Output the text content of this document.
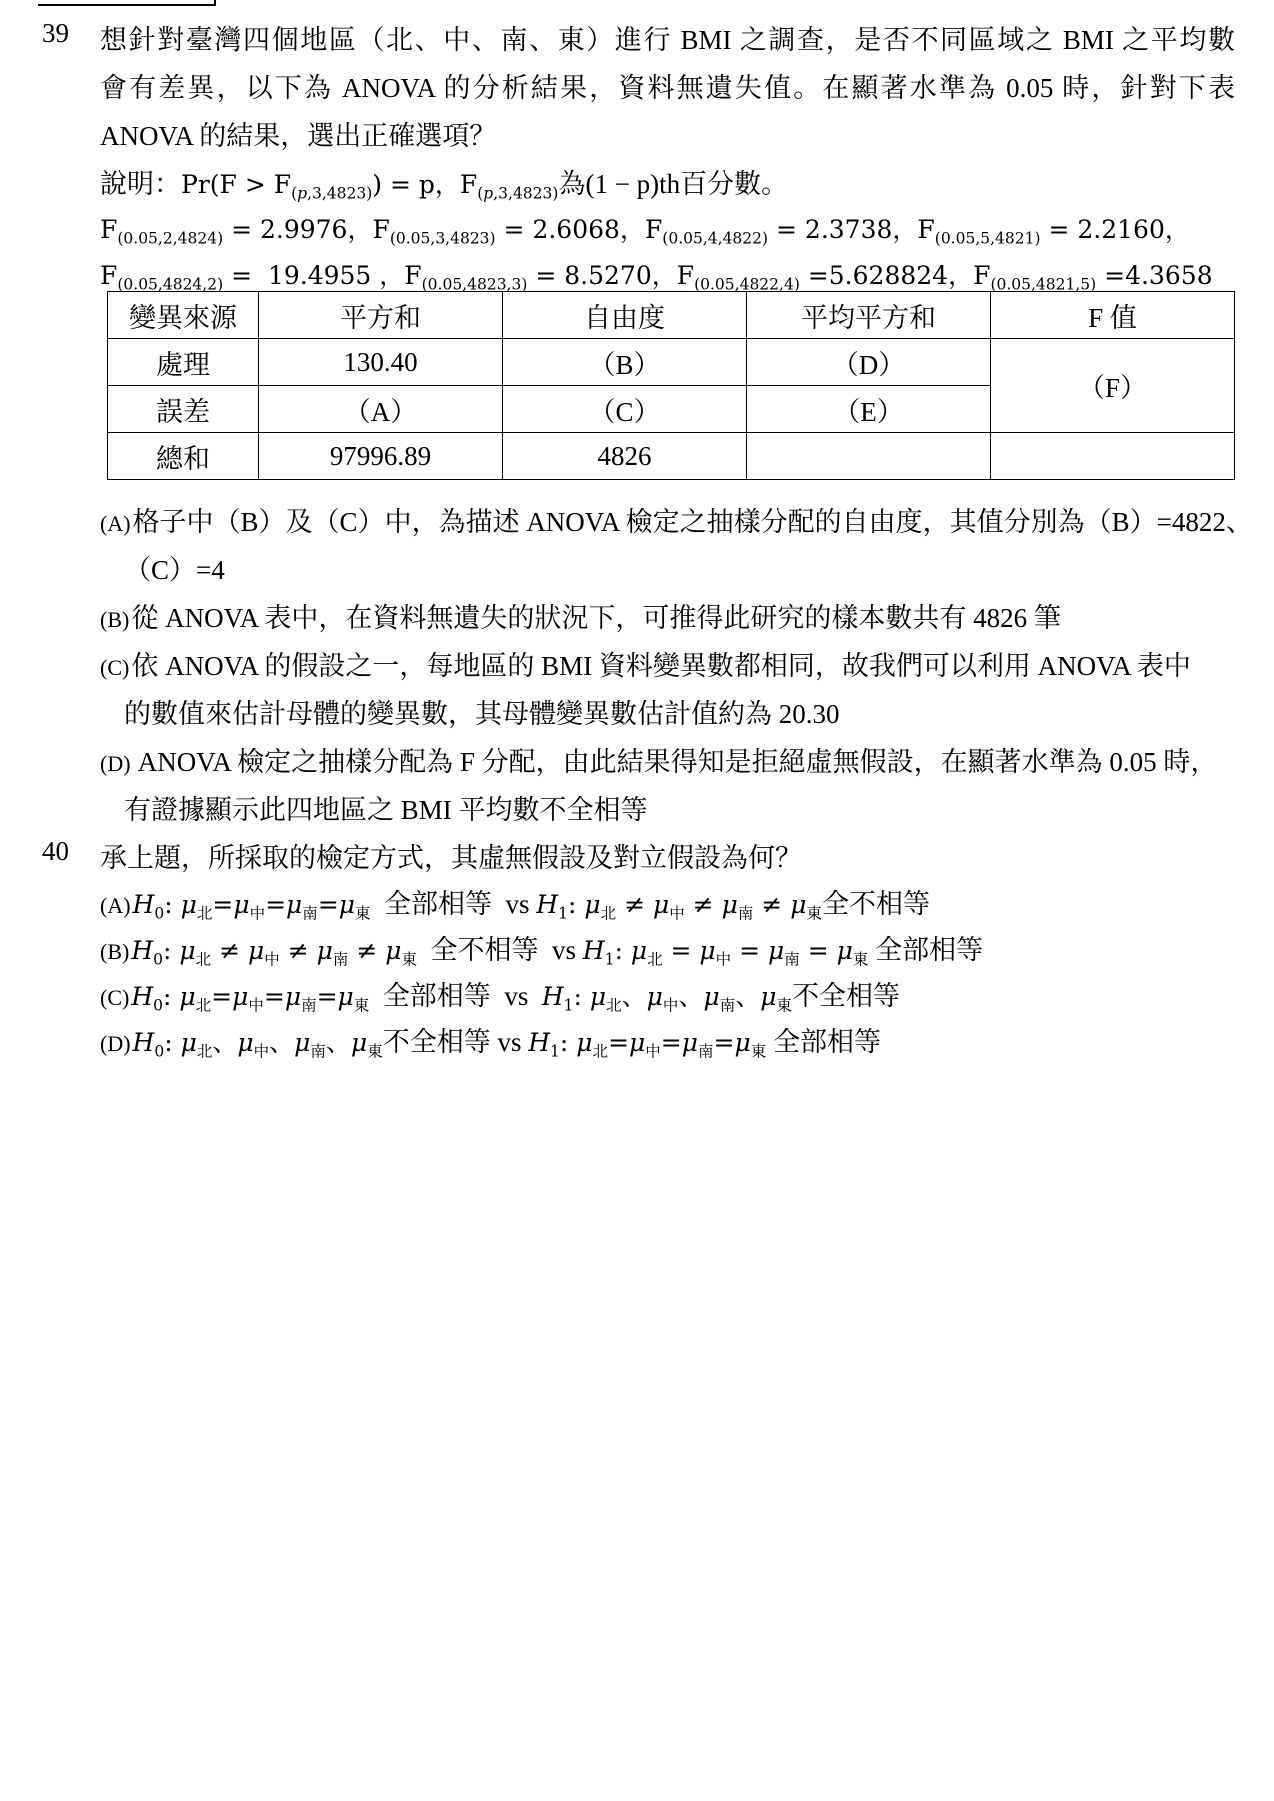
39 想針對臺灣四個地區（北、中、南、東）進行 BMI 之調查，是否不同區域之 BMI 之平均數
會有差異，以下為 ANOVA 的分析結果，資料無遺失值。在顯著水準為 0.05 時，針對下表
ANOVA 的結果，選出正確選項？
說明：$Pr(F > F_{(p,3,4823)}) = p$，$F_{(p,3,4823)}$為(1 − p)th百分數。
$F_{(0.05,2,4824)} = 2.9976$，$F_{(0.05,3,4823)} = 2.6068$，$F_{(0.05,4,4822)} = 2.3738$，$F_{(0.05,5,4821)} = 2.2160$，
$F_{(0.05,4824,2)} = 19.4955$ ，$F_{(0.05,4823,3)} = 8.5270$，$F_{(0.05,4822,4)} =5.628824$，$F_{(0.05,4821,5)} =4.3658$
變異來源	平方和	自由度	平均平方和	F 值
處理	130.40	（B）	（D）	（F）
誤差	（A）	（C）	（E）	
總和	97996.89	4826		
(A)格子中（B）及（C）中，為描述 ANOVA 檢定之抽樣分配的自由度，其值分別為（B）=4822、
（C）=4
(B)從 ANOVA 表中，在資料無遺失的狀況下，可推得此研究的樣本數共有 4826 筆
(C)依 ANOVA 的假設之一，每地區的 BMI 資料變異數都相同，故我們可以利用 ANOVA 表中
的數值來估計母體的變異數，其母體變異數估計值約為 20.30
(D) ANOVA 檢定之抽樣分配為 F 分配，由此結果得知是拒絕虛無假設，在顯著水準為 0.05 時，
有證據顯示此四地區之 BMI 平均數不全相等
40 承上題，所採取的檢定方式，其虛無假設及對立假設為何？
$(A)H_0$: $\mu_北=\mu_中=\mu_南=\mu_東$ 全部相等  vs $H_1$: $\mu_北 \ne \mu_中 \ne \mu_南 \ne \mu_東$全不相等
$(B)H_0$: $\mu_北 \ne \mu_中 \ne \mu_南 \ne \mu_東$ 全不相等  vs $H_1$: $\mu_北 = \mu_中 = \mu_南 = \mu_東$ 全部相等
$(C)H_0$: $\mu_北=\mu_中=\mu_南=\mu_東$ 全部相等  vs  $H_1$: $\mu_北$、$\mu_中$、$\mu_南$、$\mu_東$不全相等
$(D)H_0$: $\mu_北$、$\mu_中$、$\mu_南$、$\mu_東$不全相等 vs $H_1$: $\mu_北=\mu_中=\mu_南=\mu_東$ 全部相等
